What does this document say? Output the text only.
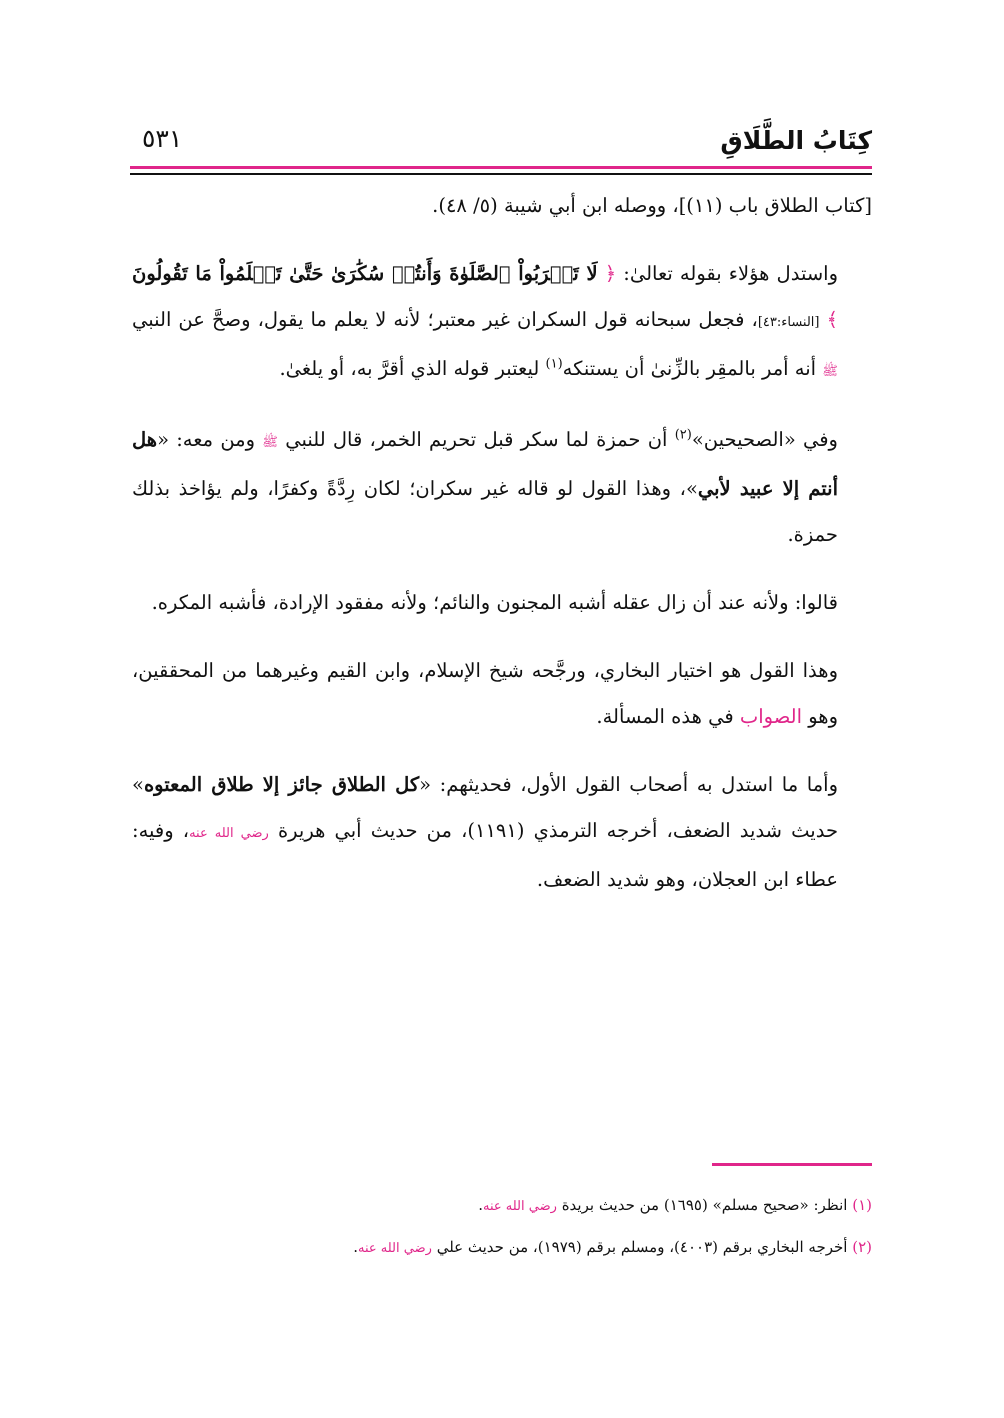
كِتَابُ الطَّلَاقِ
٥٣١

[كتاب الطلاق باب (١١)]، ووصله ابن أبي شيبة (٥/ ٤٨).

واستدل هؤلاء بقوله تعالىٰ: ﴿ لَا تَقۡرَبُواْ ٱلصَّلَوٰةَ وَأَنتُمۡ سُكَٰرَىٰ حَتَّىٰ تَعۡلَمُواْ مَا تَقُولُونَ ﴾ [النساء:٤٣]، فجعل سبحانه قول السكران غير معتبر؛ لأنه لا يعلم ما يقول، وصحَّ عن النبي ﷺ أنه أمر بالمقِر بالزِّنىٰ أن يستنكه$^{(١)}$ ليعتبر قوله الذي أقرَّ به، أو يلغىٰ.

وفي «الصحيحين»$^{(٢)}$ أن حمزة لما سكر قبل تحريم الخمر، قال للنبي ﷺ ومن معه: «هل أنتم إلا عبيد لأبي»، وهذا القول لو قاله غير سكران؛ لكان رِدَّةً وكفرًا، ولم يؤاخذ بذلك حمزة.

قالوا: ولأنه عند أن زال عقله أشبه المجنون والنائم؛ ولأنه مفقود الإرادة، فأشبه المكره.

وهذا القول هو اختيار البخاري، ورجَّحه شيخ الإسلام، وابن القيم وغيرهما من المحققين، وهو الصواب في هذه المسألة.

وأما ما استدل به أصحاب القول الأول، فحديثهم: «كل الطلاق جائز إلا طلاق المعتوه» حديث شديد الضعف، أخرجه الترمذي (١١٩١)، من حديث أبي هريرة رضي الله عنه، وفيه: عطاء ابن العجلان، وهو شديد الضعف.

(١) انظر: «صحيح مسلم» (١٦٩٥) من حديث بريدة رضي الله عنه.
(٢) أخرجه البخاري برقم (٤٠٠٣)، ومسلم برقم (١٩٧٩)، من حديث علي رضي الله عنه.
